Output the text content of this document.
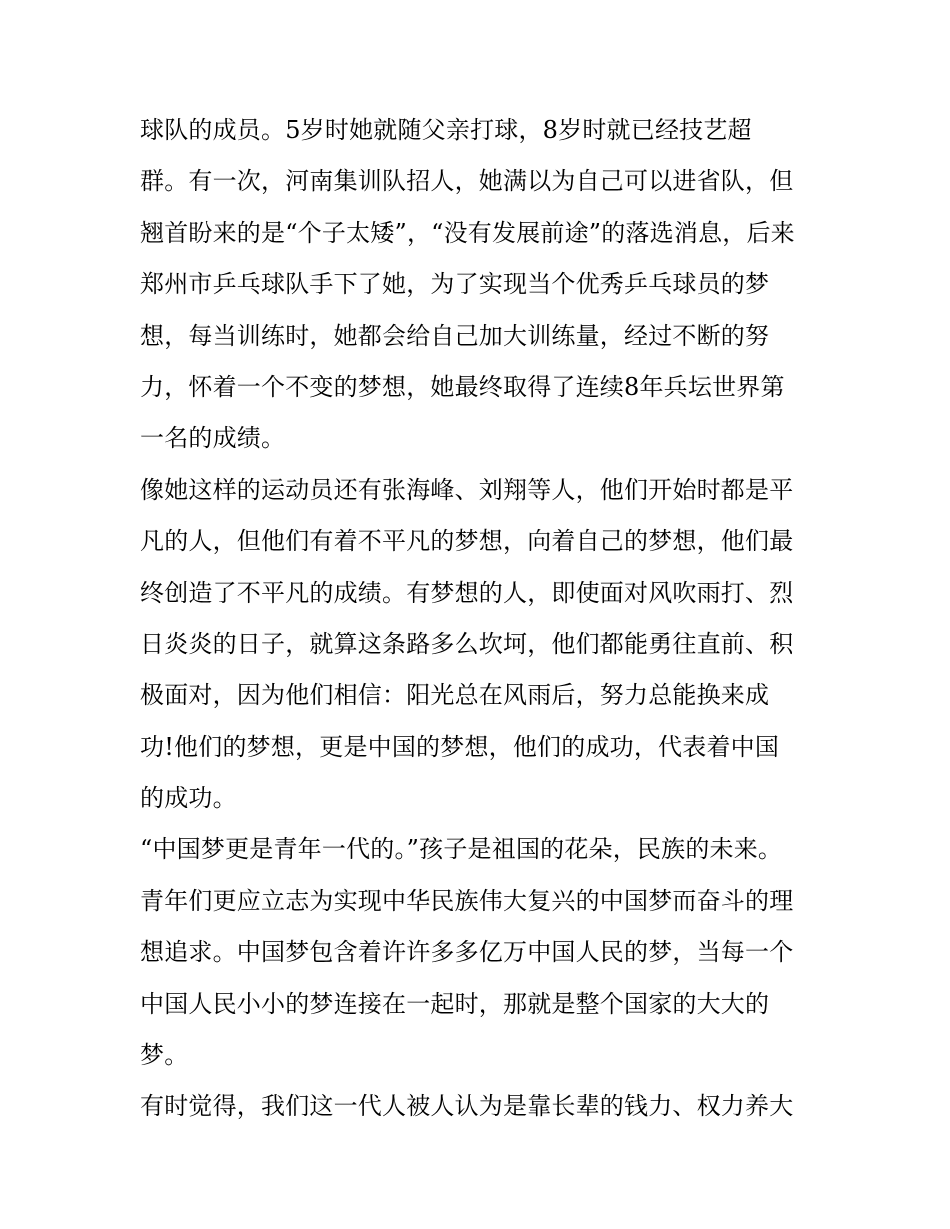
球队的成员。5岁时她就随父亲打球，8岁时就已经技艺超
群。有一次，河南集训队招人，她满以为自己可以进省队，但
翘首盼来的是“个子太矮”，“没有发展前途”的落选消息，后来
郑州市乒乓球队手下了她，为了实现当个优秀乒乓球员的梦
想，每当训练时，她都会给自己加大训练量，经过不断的努
力，怀着一个不变的梦想，她最终取得了连续8年兵坛世界第
一名的成绩。
像她这样的运动员还有张海峰、刘翔等人，他们开始时都是平
凡的人，但他们有着不平凡的梦想，向着自己的梦想，他们最
终创造了不平凡的成绩。有梦想的人，即使面对风吹雨打、烈
日炎炎的日子，就算这条路多么坎坷，他们都能勇往直前、积
极面对，因为他们相信：阳光总在风雨后，努力总能换来成
功!他们的梦想，更是中国的梦想，他们的成功，代表着中国
的成功。
“中国梦更是青年一代的。”孩子是祖国的花朵，民族的未来。
青年们更应立志为实现中华民族伟大复兴的中国梦而奋斗的理
想追求。中国梦包含着许许多多亿万中国人民的梦，当每一个
中国人民小小的梦连接在一起时，那就是整个国家的大大的
梦。
有时觉得，我们这一代人被人认为是靠长辈的钱力、权力养大
